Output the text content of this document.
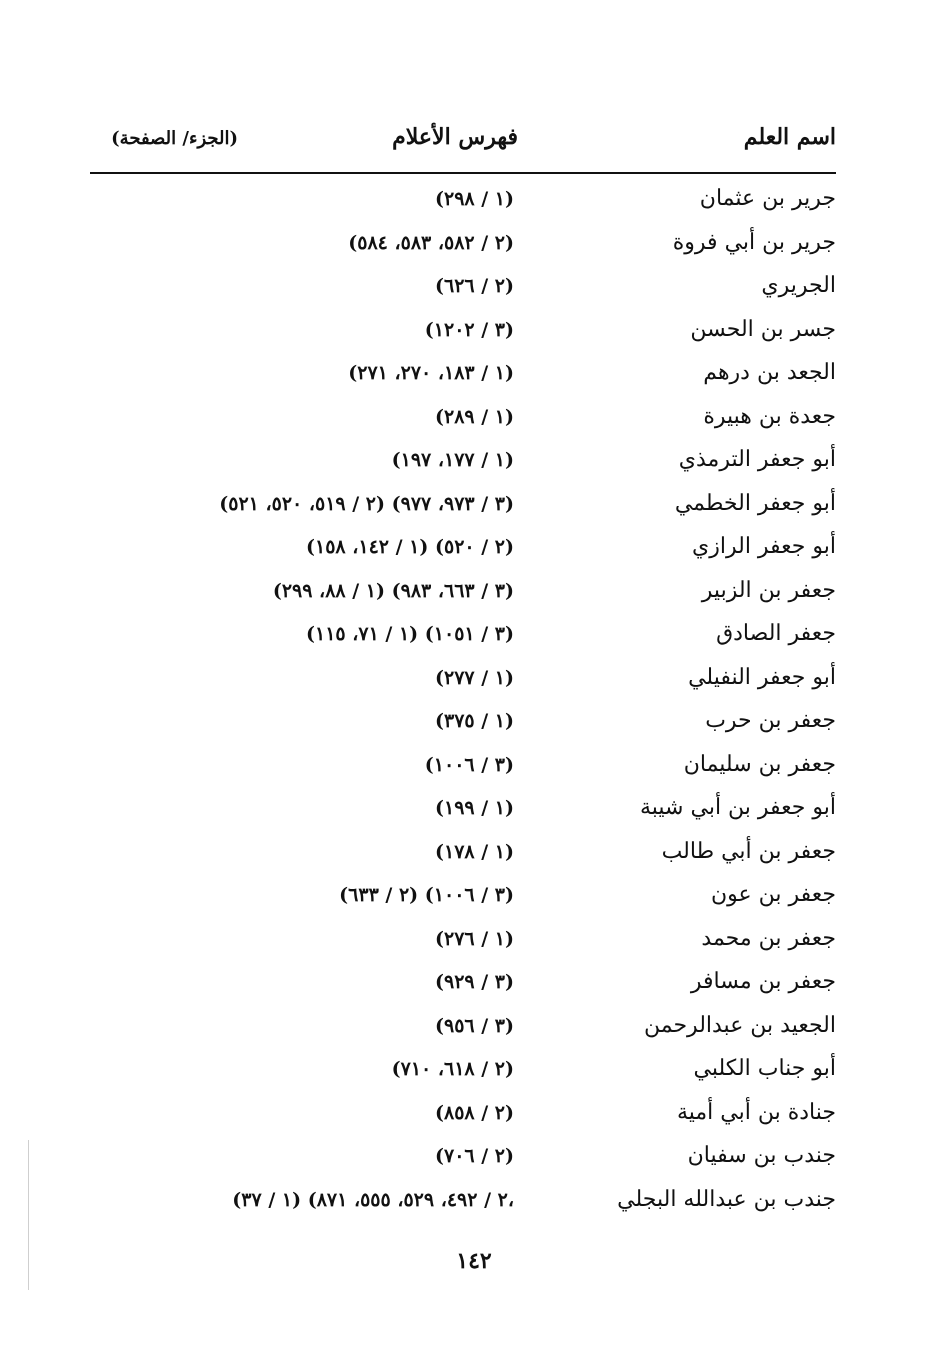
اسم العلم
فهرس الأعلام
(الجزء/ الصفحة)
جرير بن عثمان
(١ / ٢٩٨)
جرير بن أبي فروة
(٢ / ٥٨٢، ٥٨٣، ٥٨٤)
الجريري
(٢ / ٦٢٦)
جسر بن الحسن
(٣ / ١٢٠٢)
الجعد بن درهم
(١ / ١٨٣، ٢٧٠، ٢٧١)
جعدة بن هبيرة
(١ / ٢٨٩)
أبو جعفر الترمذي
(١ / ١٧٧، ١٩٧)
أبو جعفر الخطمي
(٢ / ٥١٩، ٥٢٠، ٥٢١) (٣ / ٩٧٣، ٩٧٧)
أبو جعفر الرازي
(١ / ١٤٢، ١٥٨) (٢ / ٥٢٠)
جعفر بن الزبير
(١ / ٨٨، ٢٩٩) (٣ / ٦٦٣، ٩٨٣)
جعفر الصادق
(١ / ٧١، ١١٥) (٣ / ١٠٥١)
أبو جعفر النفيلي
(١ / ٢٧٧)
جعفر بن حرب
(١ / ٣٧٥)
جعفر بن سليمان
(٣ / ١٠٠٦)
أبو جعفر بن أبي شيبة
(١ / ١٩٩)
جعفر بن أبي طالب
(١ / ١٧٨)
جعفر بن عون
(٢ / ٦٣٣) (٣ / ١٠٠٦)
جعفر بن محمد
(١ / ٢٧٦)
جعفر بن مسافر
(٣ / ٩٢٩)
الجعيد بن عبدالرحمن
(٣ / ٩٥٦)
أبو جناب الكلبي
(٢ / ٦١٨، ٧١٠)
جنادة بن أبي أمية
(٢ / ٨٥٨)
جندب بن سفيان
(٢ / ٧٠٦)
جندب بن عبدالله البجلي
(١ / ٣٧) (٢ / ٤٩٢، ٥٢٩، ٥٥٥، ٨٧١،
١٤٢
